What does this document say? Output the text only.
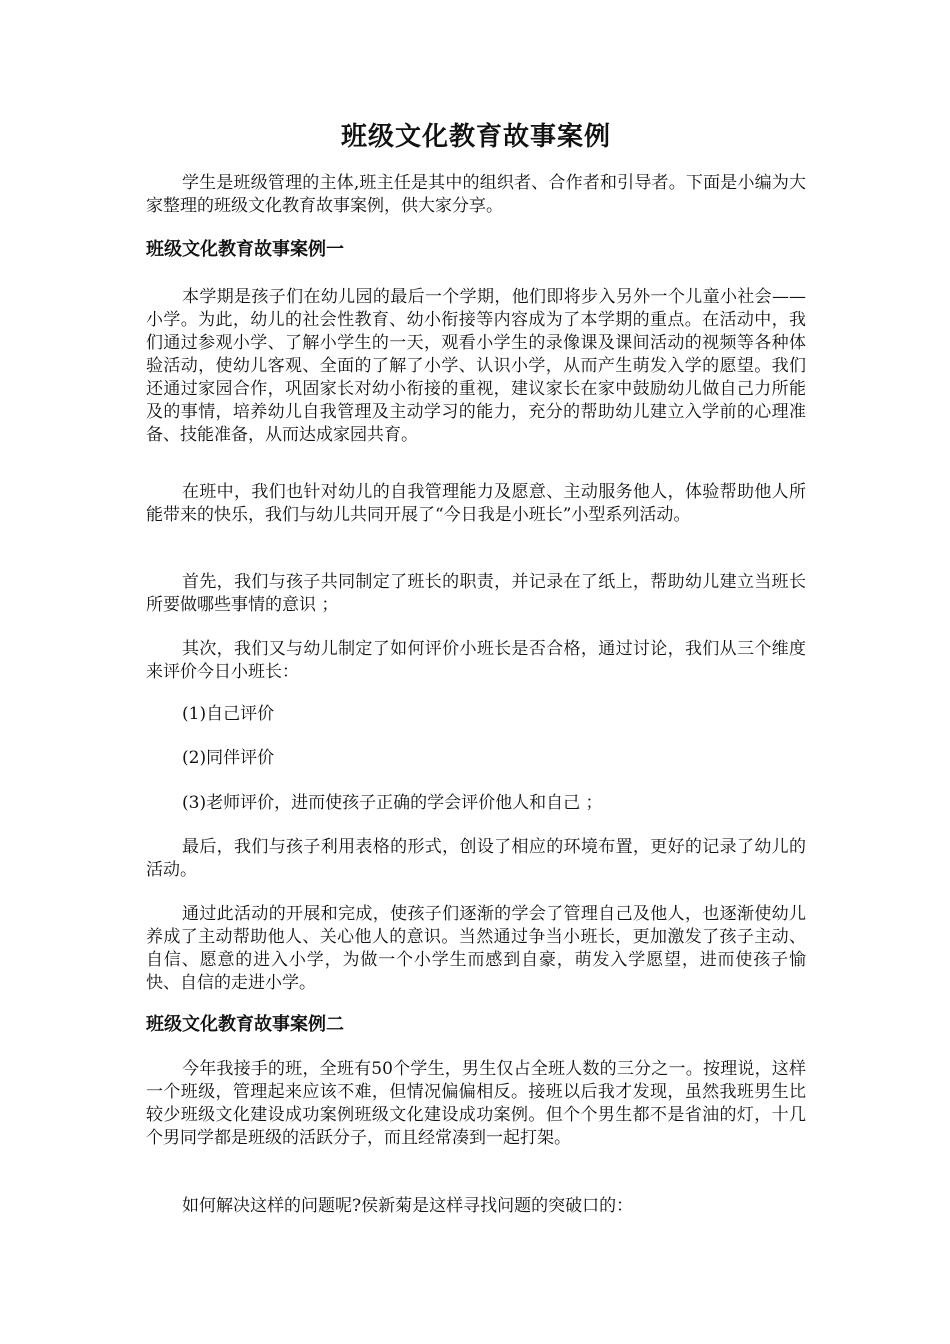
班级文化教育故事案例

学生是班级管理的主体,班主任是其中的组织者、合作者和引导者。下面是小编为大家整理的班级文化教育故事案例，供大家分享。

班级文化教育故事案例一

本学期是孩子们在幼儿园的最后一个学期，他们即将步入另外一个儿童小社会——小学。为此，幼儿的社会性教育、幼小衔接等内容成为了本学期的重点。在活动中，我们通过参观小学、了解小学生的一天，观看小学生的录像课及课间活动的视频等各种体验活动，使幼儿客观、全面的了解了小学、认识小学，从而产生萌发入学的愿望。我们还通过家园合作，巩固家长对幼小衔接的重视，建议家长在家中鼓励幼儿做自己力所能及的事情，培养幼儿自我管理及主动学习的能力，充分的帮助幼儿建立入学前的心理准备、技能准备，从而达成家园共育。

在班中，我们也针对幼儿的自我管理能力及愿意、主动服务他人，体验帮助他人所能带来的快乐，我们与幼儿共同开展了“今日我是小班长”小型系列活动。

首先，我们与孩子共同制定了班长的职责，并记录在了纸上，帮助幼儿建立当班长所要做哪些事情的意识 ；

其次，我们又与幼儿制定了如何评价小班长是否合格，通过讨论，我们从三个维度来评价今日小班长：

(1)自己评价

(2)同伴评价

(3)老师评价，进而使孩子正确的学会评价他人和自己 ；

最后，我们与孩子利用表格的形式，创设了相应的环境布置，更好的记录了幼儿的活动。

通过此活动的开展和完成，使孩子们逐渐的学会了管理自己及他人，也逐渐使幼儿养成了主动帮助他人、关心他人的意识。当然通过争当小班长，更加激发了孩子主动、自信、愿意的进入小学，为做一个小学生而感到自豪，萌发入学愿望，进而使孩子愉快、自信的走进小学。

班级文化教育故事案例二

今年我接手的班，全班有50个学生，男生仅占全班人数的三分之一。按理说，这样一个班级，管理起来应该不难，但情况偏偏相反。接班以后我才发现，虽然我班男生比较少班级文化建设成功案例班级文化建设成功案例。但个个男生都不是省油的灯，十几个男同学都是班级的活跃分子，而且经常凑到一起打架。

如何解决这样的问题呢?侯新菊是这样寻找问题的突破口的：
